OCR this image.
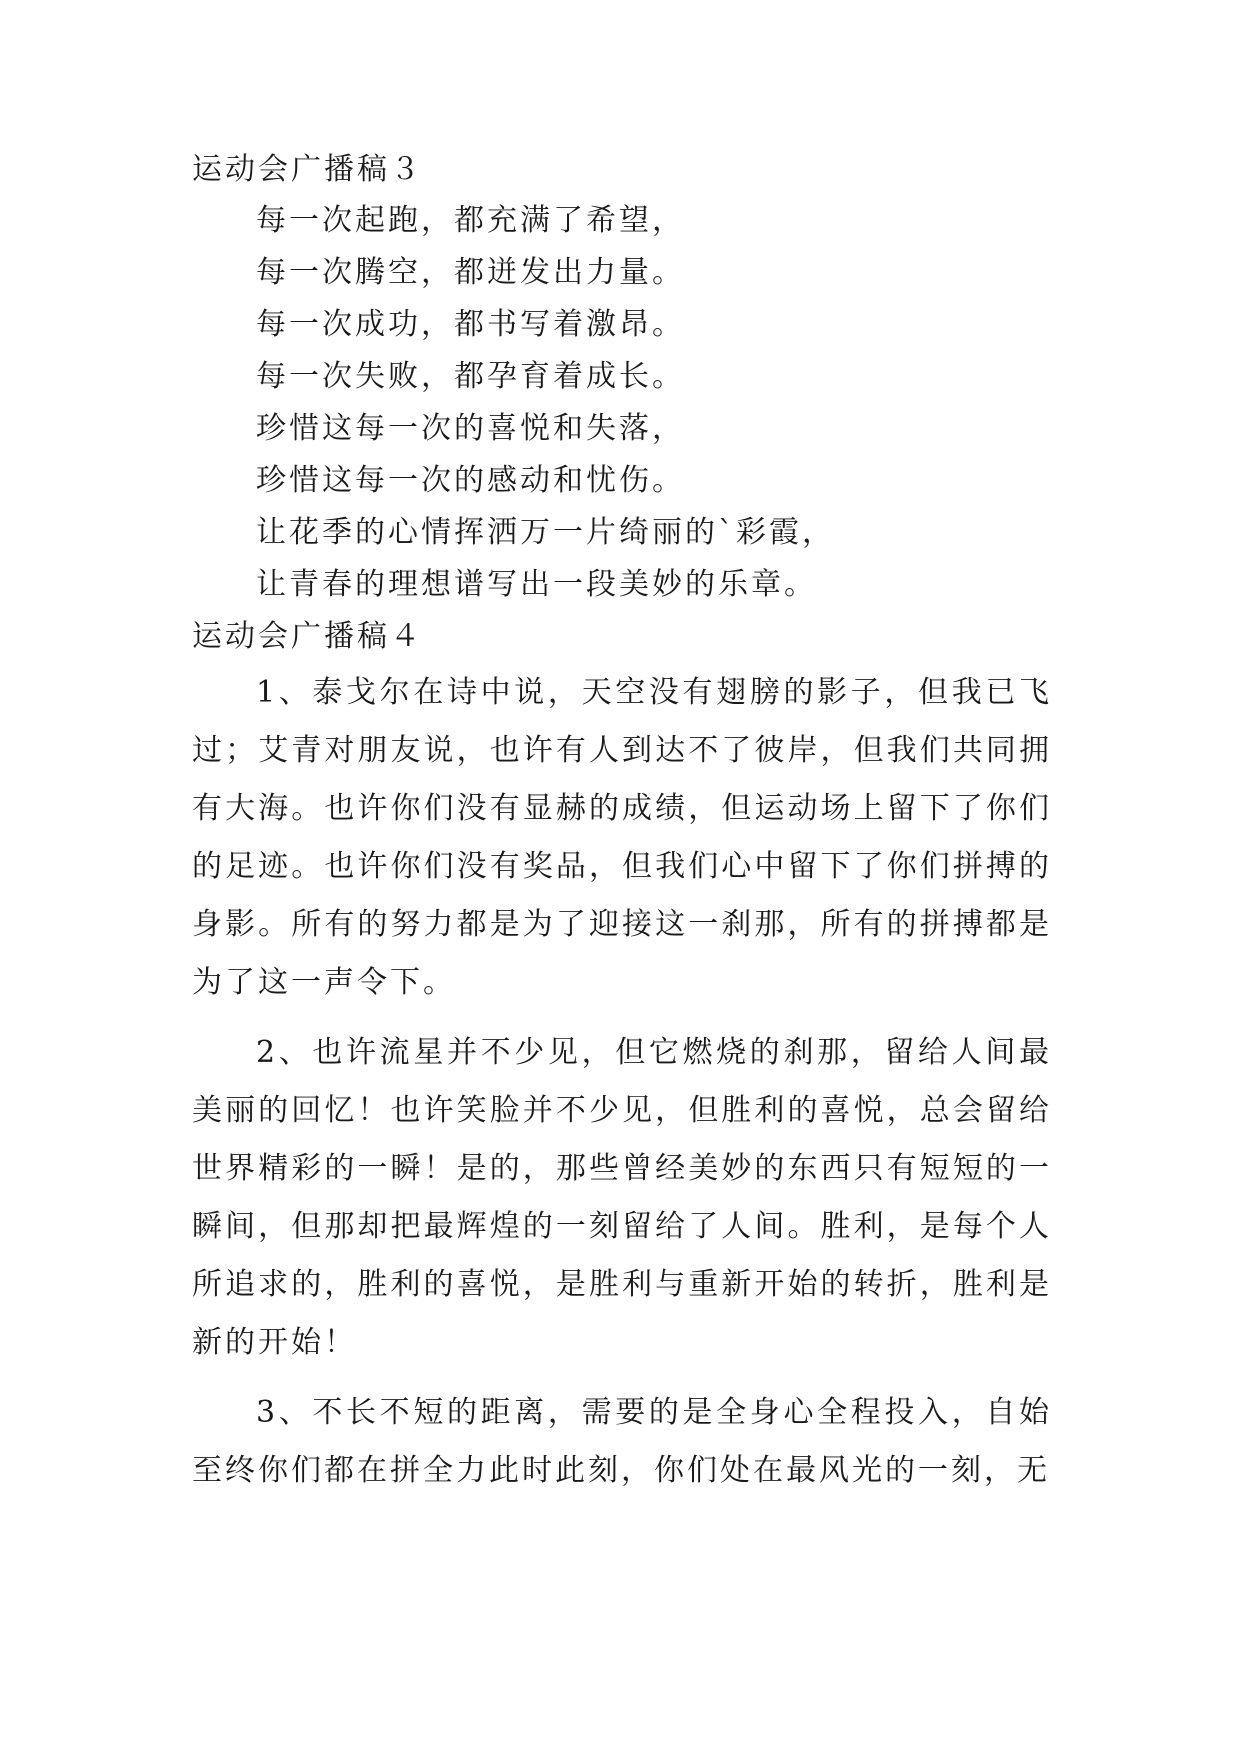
运动会广播稿３
每一次起跑，都充满了希望，
每一次腾空，都迸发出力量。
每一次成功，都书写着激昂。
每一次失败，都孕育着成长。
珍惜这每一次的喜悦和失落，
珍惜这每一次的感动和忧伤。
让花季的心情挥洒万一片绮丽的`彩霞，
让青春的理想谱写出一段美妙的乐章。
运动会广播稿４

1、泰戈尔在诗中说，天空没有翅膀的影子，但我已飞过；艾青对朋友说，也许有人到达不了彼岸，但我们共同拥有大海。也许你们没有显赫的成绩，但运动场上留下了你们的足迹。也许你们没有奖品，但我们心中留下了你们拼搏的身影。所有的努力都是为了迎接这一刹那，所有的拼搏都是为了这一声令下。

2、也许流星并不少见，但它燃烧的刹那，留给人间最美丽的回忆！也许笑脸并不少见，但胜利的喜悦，总会留给世界精彩的一瞬！是的，那些曾经美妙的东西只有短短的一瞬间，但那却把最辉煌的一刻留给了人间。胜利，是每个人所追求的，胜利的喜悦，是胜利与重新开始的转折，胜利是新的开始！

3、不长不短的距离，需要的是全身心全程投入，自始至终你们都在拼全力此时此刻，你们处在最风光的一刻，无
